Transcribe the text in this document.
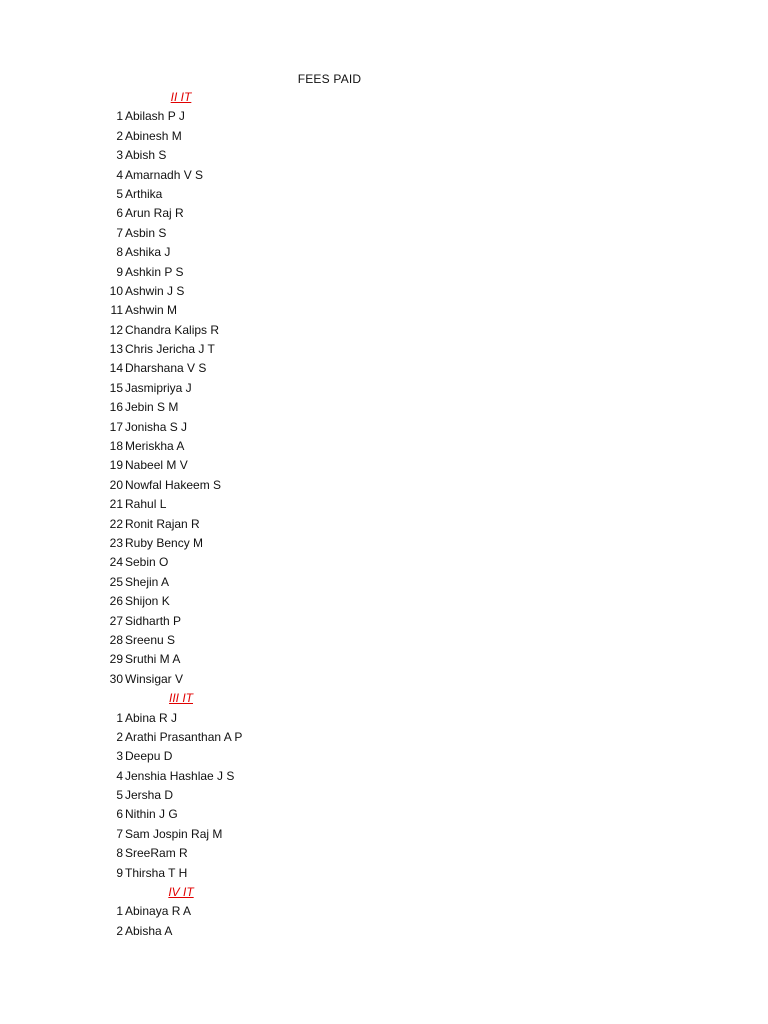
FEES PAID
II IT
1 Abilash P J
2 Abinesh M
3 Abish S
4 Amarnadh V S
5 Arthika
6 Arun Raj R
7 Asbin S
8 Ashika J
9 Ashkin P S
10 Ashwin J S
11 Ashwin M
12 Chandra Kalips R
13 Chris Jericha J T
14 Dharshana V S
15 Jasmipriya J
16 Jebin S M
17 Jonisha S J
18 Meriskha A
19 Nabeel M V
20 Nowfal Hakeem S
21 Rahul L
22 Ronit Rajan R
23 Ruby Bency M
24 Sebin O
25 Shejin A
26 Shijon K
27 Sidharth P
28 Sreenu S
29 Sruthi M A
30 Winsigar V
III IT
1 Abina R J
2 Arathi Prasanthan A P
3 Deepu D
4 Jenshia Hashlae J S
5 Jersha D
6 Nithin J G
7 Sam Jospin Raj M
8 SreeRam R
9 Thirsha T H
IV IT
1 Abinaya R A
2 Abisha A
